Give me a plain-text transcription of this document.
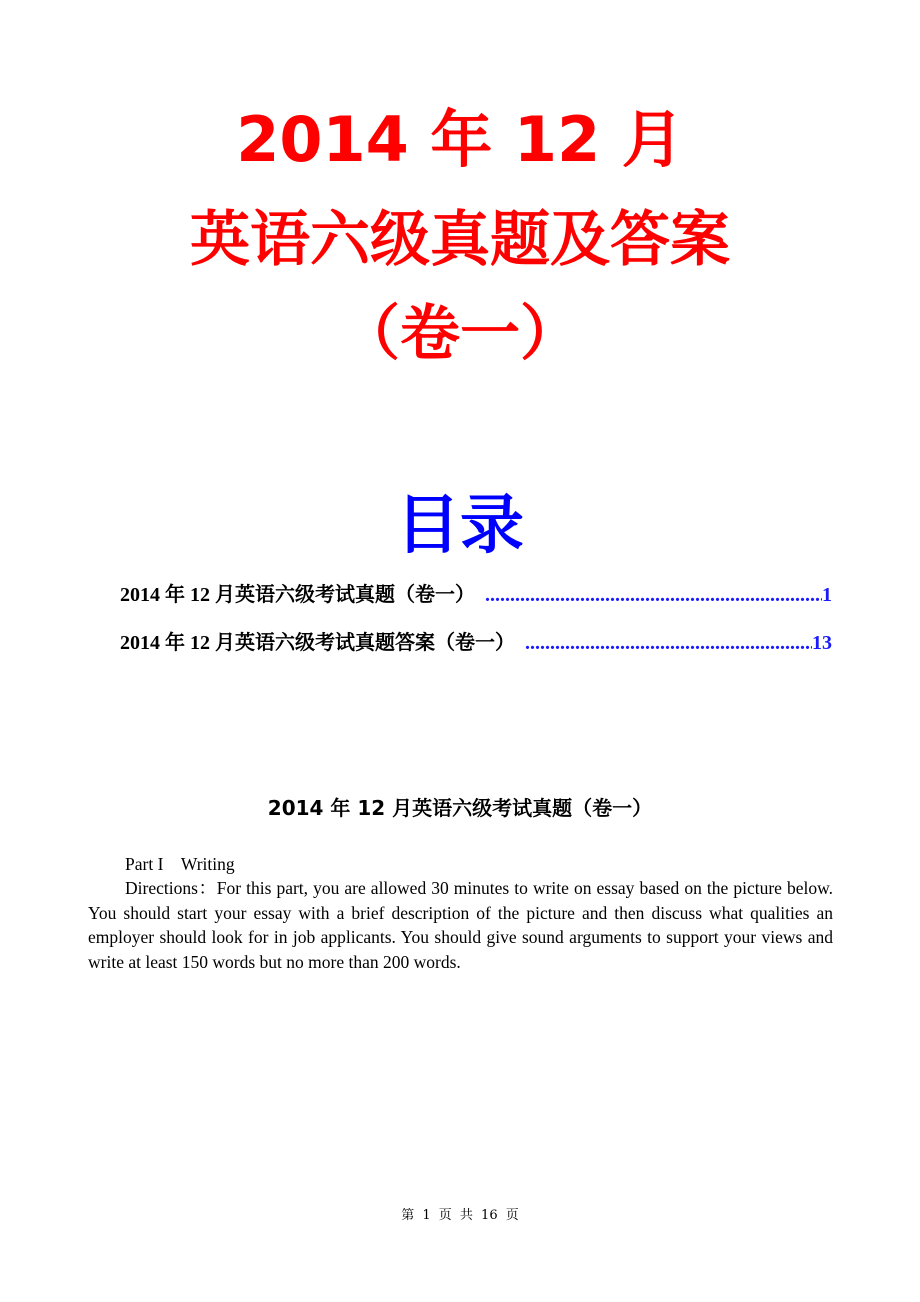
2014 年 12 月
英语六级真题及答案
（卷一）
目录
2014 年 12 月英语六级考试真题（卷一） .....	1
2014 年 12 月英语六级考试真题答案（卷一） .....	13
2014 年 12 月英语六级考试真题（卷一）
Part I　Writing

Directions：For this part, you are allowed 30 minutes to write on essay based on the picture below. You should start your essay with a brief description of the picture and then discuss what qualities an employer should look for in job applicants. You should give sound arguments to support your views and write at least 150 words but no more than 200 words.

第 1 页 共 16 页
